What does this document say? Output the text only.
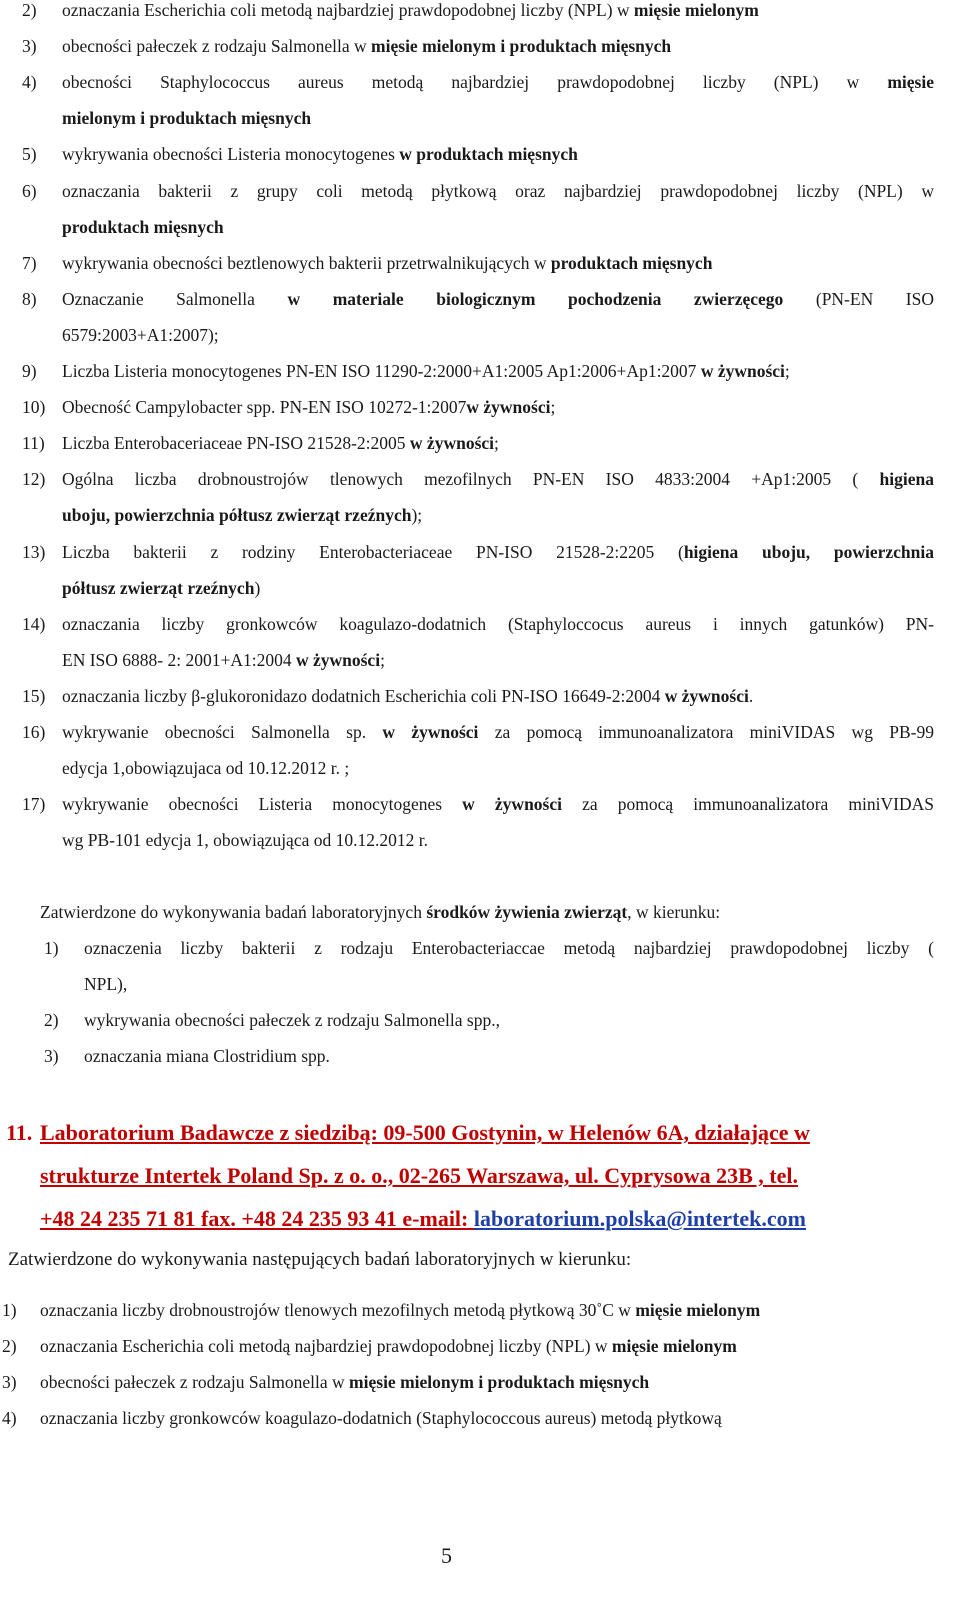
2)	oznaczania Escherichia coli metodą najbardziej prawdopodobnej liczby (NPL) w mięsie mielonym
3)	obecności pałeczek z rodzaju Salmonella w mięsie mielonym i produktach mięsnych
4)	obecności Staphylococcus aureus metodą najbardziej prawdopodobnej liczby (NPL) w mięsie
mielonym i produktach mięsnych
5)	wykrywania obecności Listeria monocytogenes w produktach mięsnych
6)	oznaczania bakterii z grupy coli metodą płytkową oraz najbardziej prawdopodobnej liczby (NPL) w
produktach mięsnych
7)	wykrywania obecności beztlenowych bakterii przetrwalnikujących w produktach mięsnych
8)	Oznaczanie Salmonella w materiale biologicznym pochodzenia zwierzęcego (PN-EN ISO
6579:2003+A1:2007);
9)	Liczba Listeria monocytogenes PN-EN ISO 11290-2:2000+A1:2005 Ap1:2006+Ap1:2007 w żywności;
10) Obecność Campylobacter spp. PN-EN ISO 10272-1:2007w żywności;
11) Liczba Enterobaceriaceae PN-ISO 21528-2:2005 w żywności;
12) Ogólna liczba drobnoustrojów tlenowych mezofilnych PN-EN ISO 4833:2004 +Ap1:2005 ( higiena
uboju, powierzchnia półtusz zwierząt rzeźnych);
13) Liczba bakterii z rodziny Enterobacteriaceae PN-ISO 21528-2:2205 (higiena uboju, powierzchnia
półtusz zwierząt rzeźnych)
14) oznaczania liczby gronkowców koagulazo-dodatnich (Staphyloccocus aureus i innych gatunków) PN-
EN ISO 6888- 2: 2001+A1:2004 w żywności;
15) oznaczania liczby β-glukoronidazo dodatnich Escherichia coli PN-ISO 16649-2:2004 w żywności.
16) wykrywanie obecności Salmonella sp. w żywności za pomocą immunoanalizatora miniVIDAS wg PB-99
edycja 1,obowiązujaca od 10.12.2012 r. ;
17) wykrywanie obecności Listeria monocytogenes w żywności za pomocą immunoanalizatora miniVIDAS
wg PB-101 edycja 1, obowiązująca od 10.12.2012 r.
Zatwierdzone do wykonywania badań laboratoryjnych środków żywienia zwierząt, w kierunku:
1)	oznaczenia liczby bakterii z rodzaju Enterobacteriaccae metodą najbardziej prawdopodobnej liczby (
NPL),
2)	wykrywania obecności pałeczek z rodzaju Salmonella spp.,
3)	oznaczania miana Clostridium spp.
11. Laboratorium Badawcze z siedzibą: 09-500 Gostynin, w Helenów 6A, działające w
strukturze Intertek Poland Sp. z o. o., 02-265 Warszawa, ul. Cyprysowa 23B , tel.
+48 24 235 71 81 fax. +48 24 235 93 41 e-mail: laboratorium.polska@intertek.com
Zatwierdzone do wykonywania następujących badań laboratoryjnych w kierunku:
1)	oznaczania liczby drobnoustrojów tlenowych mezofilnych metodą płytkową 30˚C w mięsie mielonym
2)	oznaczania Escherichia coli metodą najbardziej prawdopodobnej liczby (NPL) w mięsie mielonym
3)	obecności pałeczek z rodzaju Salmonella w mięsie mielonym i produktach mięsnych
4)	oznaczania liczby gronkowców koagulazo-dodatnich (Staphylococcous aureus) metodą płytkową
5
